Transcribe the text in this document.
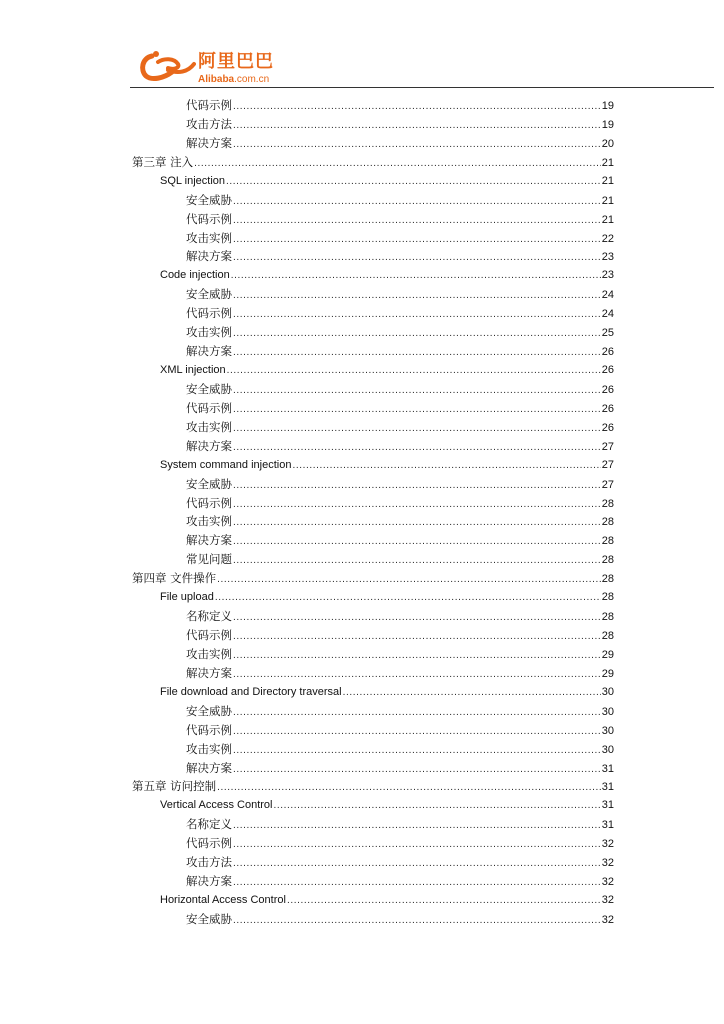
阿里巴巴
Alibaba.com.cn
代码示例 .....	19
攻击方法 .....	19
解决方案 .....	20
第三章 注入 .....	21
SQL injection .....	21
安全威胁 .....	21
代码示例 .....	21
攻击实例 .....	22
解决方案 .....	23
Code injection .....	23
安全威胁 .....	24
代码示例 .....	24
攻击实例 .....	25
解决方案 .....	26
XML injection .....	26
安全威胁 .....	26
代码示例 .....	26
攻击实例 .....	26
解决方案 .....	27
System command injection .....	27
安全威胁 .....	27
代码示例 .....	28
攻击实例 .....	28
解决方案 .....	28
常见问题 .....	28
第四章 文件操作 .....	28
File upload .....	28
名称定义 .....	28
代码示例 .....	28
攻击实例 .....	29
解决方案 .....	29
File download and Directory traversal .....	30
安全威胁 .....	30
代码示例 .....	30
攻击实例 .....	30
解决方案 .....	31
第五章 访问控制 .....	31
Vertical Access Control .....	31
名称定义 .....	31
代码示例 .....	32
攻击方法 .....	32
解决方案 .....	32
Horizontal Access Control .....	32
安全威胁 .....	32
